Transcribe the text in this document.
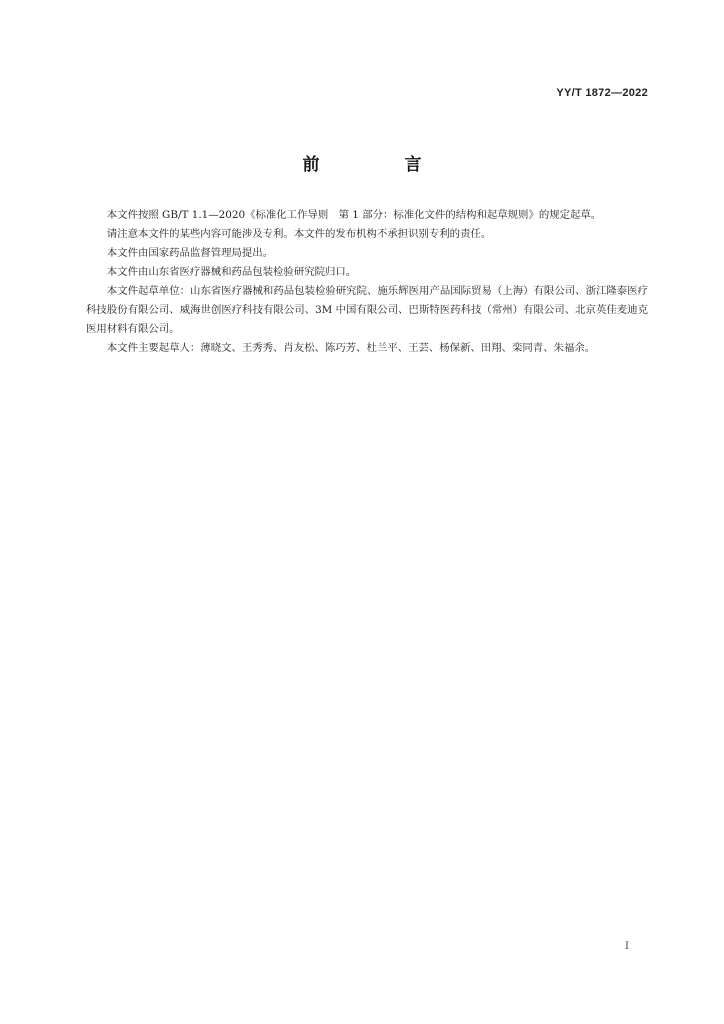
YY/T 1872—2022
前　言

本文件按照 GB/T 1.1—2020《标准化工作导则　第 1 部分：标准化文件的结构和起草规则》的规定起草。

请注意本文件的某些内容可能涉及专利。本文件的发布机构不承担识别专利的责任。

本文件由国家药品监督管理局提出。

本文件由山东省医疗器械和药品包装检验研究院归口。

本文件起草单位：山东省医疗器械和药品包装检验研究院、施乐辉医用产品国际贸易（上海）有限公司、浙江隆泰医疗科技股份有限公司、威海世创医疗科技有限公司、3M 中国有限公司、巴斯特医药科技（常州）有限公司、北京英佳麦迪克医用材料有限公司。

本文件主要起草人：薄晓文、王秀秀、肖友松、陈巧芳、杜兰平、王芸、杨保新、田翔、栾同青、朱福余。

I
